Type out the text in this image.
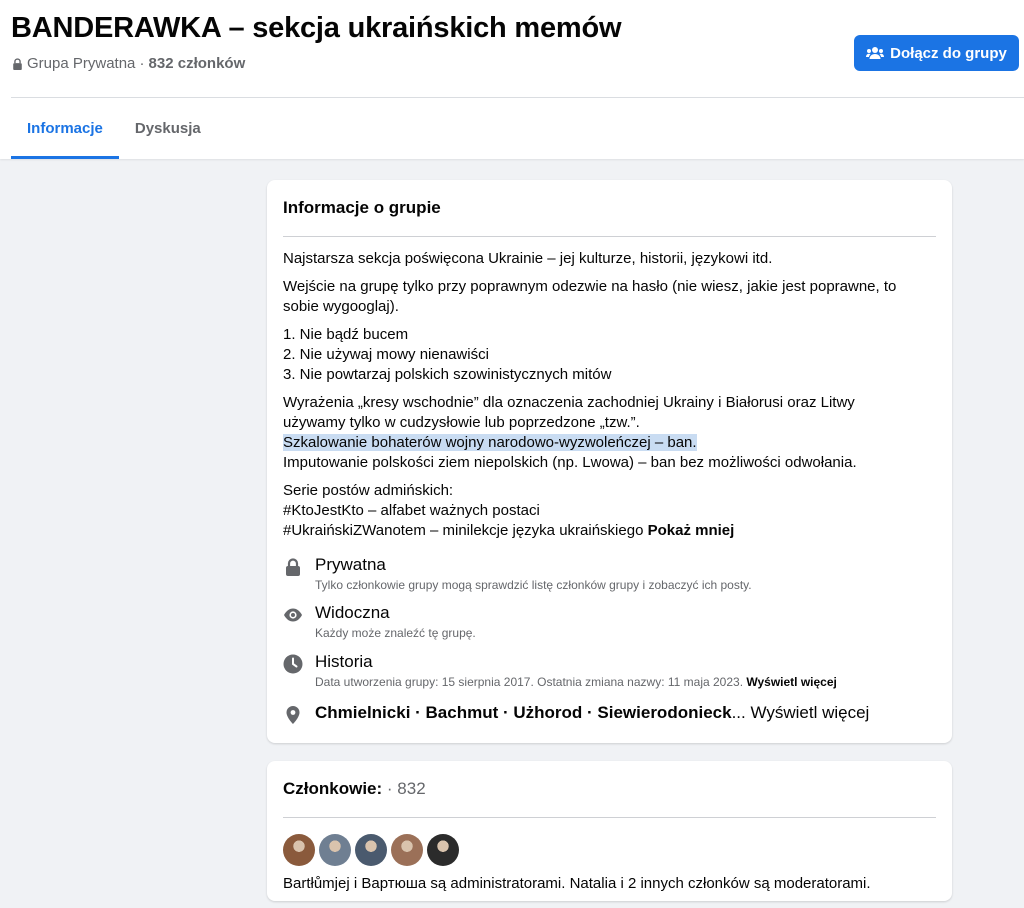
BANDERAWKA – sekcja ukraińskich memów
Grupa Prywatna · 832 członków
Dołącz do grupy
Informacje	Dyskusja
Informacje o grupie

Najstarsza sekcja poświęcona Ukrainie – jej kulturze, historii, językowi itd.

Wejście na grupę tylko przy poprawnym odezwie na hasło (nie wiesz, jakie jest poprawne, to sobie wygooglaj).

1. Nie bądź bucem
2. Nie używaj mowy nienawiści
3. Nie powtarzaj polskich szowinistycznych mitów

Wyrażenia „kresy wschodnie” dla oznaczenia zachodniej Ukrainy i Białorusi oraz Litwy
używamy tylko w cudzysłowie lub poprzedzone „tzw.”.
Szkalowanie bohaterów wojny narodowo-wyzwoleńczej – ban.
Imputowanie polskości ziem niepolskich (np. Lwowa) – ban bez możliwości odwołania.

Serie postów admińskich:
#KtoJestKto – alfabet ważnych postaci
#UkraińskiZWanotem – minilekcje języka ukraińskiego Pokaż mniej

Prywatna
Tylko członkowie grupy mogą sprawdzić listę członków grupy i zobaczyć ich posty.
Widoczna
Każdy może znaleźć tę grupę.
Historia
Data utworzenia grupy: 15 sierpnia 2017. Ostatnia zmiana nazwy: 11 maja 2023. Wyświetl więcej
Chmielnicki · Bachmut · Użhorod · Siewierodonieck... Wyświetl więcej
Członkowie: · 832
Bartłůmjej i Вартюша są administratorami. Natalia i 2 innych członków są moderatorami.
